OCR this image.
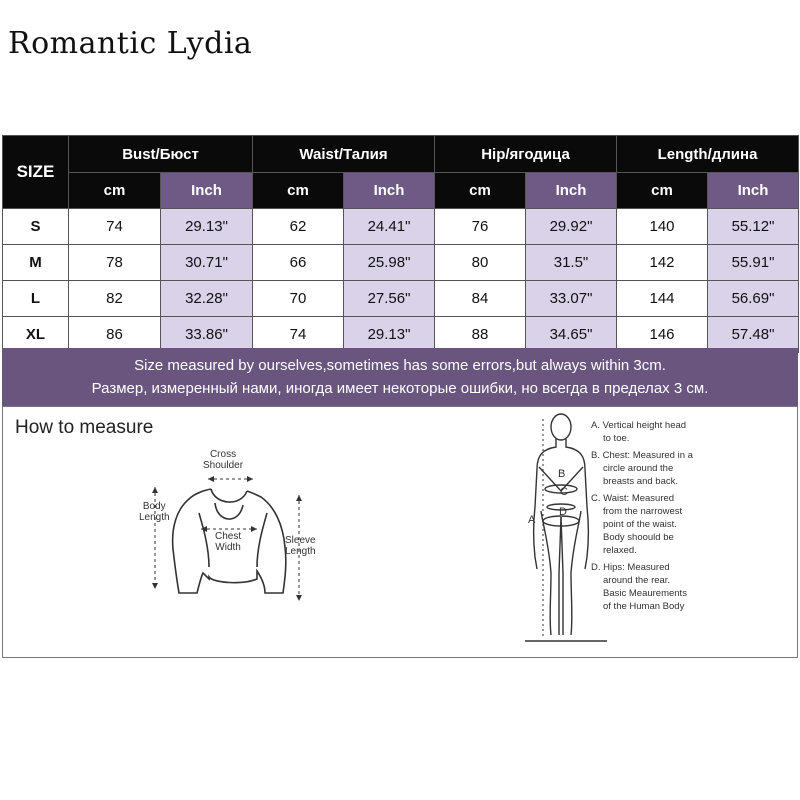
Romantic Lydia
SIZE	Bust/Бюст		Waist/Талия		Hip/ягодица		Length/длина	
	cm	Inch	cm	Inch	cm	Inch	cm	Inch
S	74	29.13"	62	24.41"	76	29.92"	140	55.12"
M	78	30.71"	66	25.98"	80	31.5"	142	55.91"
L	82	32.28"	70	27.56"	84	33.07"	144	56.69"
XL	86	33.86"	74	29.13"	88	34.65"	146	57.48"
Size measured by ourselves,sometimes has some errors,but always within 3cm.
Размер, измеренный нами, иногда имеет некоторые ошибки, но всегда в пределах 3 см.
How to measure
Cross
Shoulder
Body
Length
Chest
Width
Sleeve
Length
A
B
C
D
A. Vertical height head
to toe.
B. Chest: Measured in a
circle around the
breasts and back.
C. Waist: Measured
from the narrowest
point of the waist.
Body shoould be
relaxed.
D. Hips: Measured
around the rear.
Basic Meaurements
of the Human Body
